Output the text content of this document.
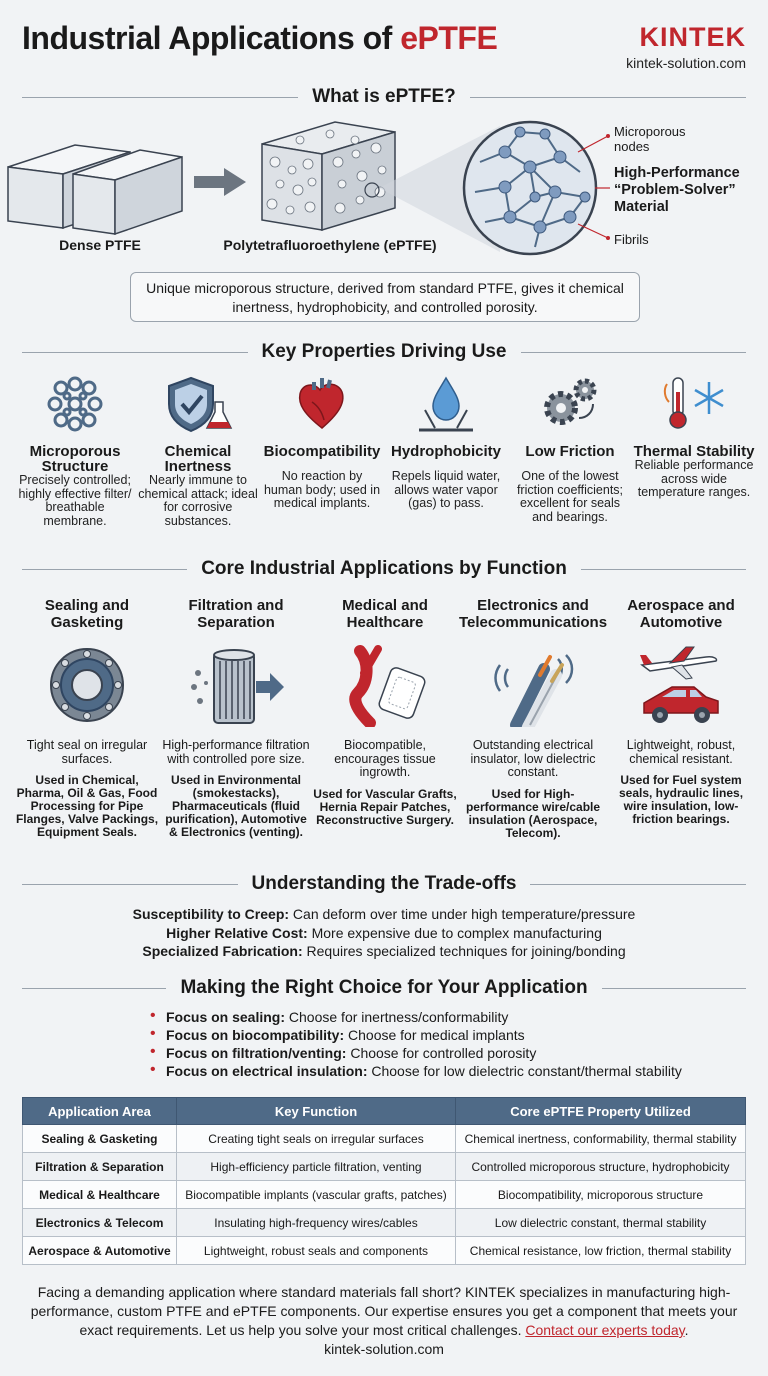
Industrial Applications of ePTFE	KINTEK
kintek-solution.com
What is ePTFE?
Microporous nodes
High-Performance “Problem-Solver” Material
Fibrils
Dense PTFE	Polytetrafluoroethylene (ePTFE)
Unique microporous structure, derived from standard PTFE, gives it chemical inertness, hydrophobicity, and controlled porosity.
Key Properties Driving Use
Microporous Structure
Precisely controlled; highly effective filter/ breathable membrane.
Chemical Inertness
Nearly immune to chemical attack; ideal for corrosive substances.
Biocompatibility
No reaction by human body; used in medical implants.
Hydrophobicity
Repels liquid water, allows water vapor (gas) to pass.
Low Friction
One of the lowest friction coefficients; excellent for seals and bearings.
Thermal Stability
Reliable performance across wide temperature ranges.
Core Industrial Applications by Function
Sealing and Gasketing
Tight seal on irregular surfaces.
Used in Chemical, Pharma, Oil & Gas, Food Processing for Pipe Flanges, Valve Packings, Equipment Seals.
Filtration and Separation
High-performance filtration with controlled pore size.
Used in Environmental (smokestacks), Pharmaceuticals (fluid purification), Automotive & Electronics (venting).
Medical and Healthcare
Biocompatible, encourages tissue ingrowth.
Used for Vascular Grafts, Hernia Repair Patches, Reconstructive Surgery.
Electronics and Telecommunications
Outstanding electrical insulator, low dielectric constant.
Used for High-performance wire/cable insulation (Aerospace, Telecom).
Aerospace and Automotive
Lightweight, robust, chemical resistant.
Used for Fuel system seals, hydraulic lines, wire insulation, low-friction bearings.
Understanding the Trade-offs
Susceptibility to Creep: Can deform over time under high temperature/pressure
Higher Relative Cost: More expensive due to complex manufacturing
Specialized Fabrication: Requires specialized techniques for joining/bonding
Making the Right Choice for Your Application
• Focus on sealing: Choose for inertness/conformability
• Focus on biocompatibility: Choose for medical implants
• Focus on filtration/venting: Choose for controlled porosity
• Focus on electrical insulation: Choose for low dielectric constant/thermal stability
Application Area	Key Function	Core ePTFE Property Utilized
Sealing & Gasketing	Creating tight seals on irregular surfaces	Chemical inertness, conformability, thermal stability
Filtration & Separation	High-efficiency particle filtration, venting	Controlled microporous structure, hydrophobicity
Medical & Healthcare	Biocompatible implants (vascular grafts, patches)	Biocompatibility, microporous structure
Electronics & Telecom	Insulating high-frequency wires/cables	Low dielectric constant, thermal stability
Aerospace & Automotive	Lightweight, robust seals and components	Chemical resistance, low friction, thermal stability
Facing a demanding application where standard materials fall short? KINTEK specializes in manufacturing high-performance, custom PTFE and ePTFE components. Our expertise ensures you get a component that meets your exact requirements. Let us help you solve your most critical challenges. Contact our experts today.
kintek-solution.com
